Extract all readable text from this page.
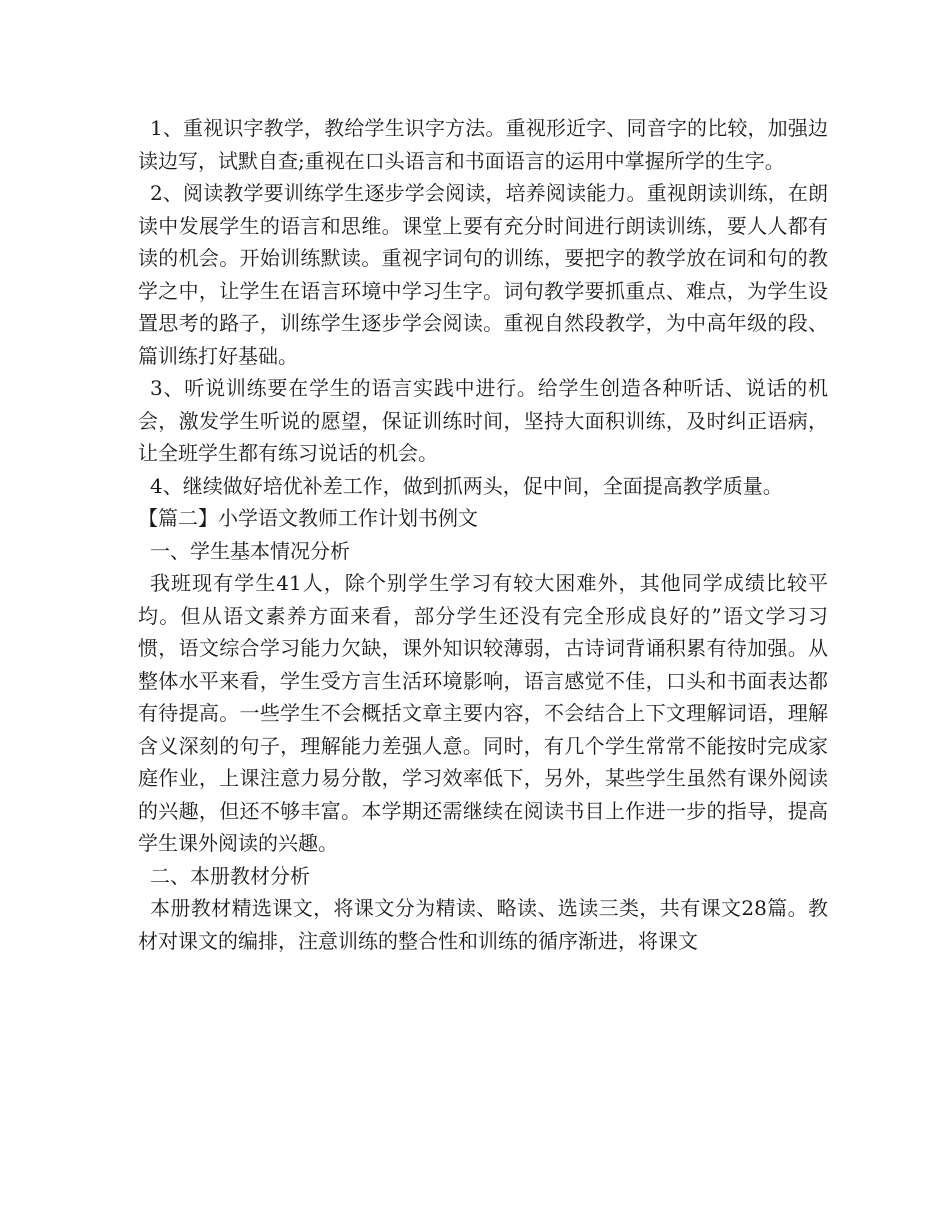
1、重视识字教学，教给学生识字方法。重视形近字、同音字的比较，加强边读边写，试默自查;重视在口头语言和书面语言的运用中掌握所学的生字。

2、阅读教学要训练学生逐步学会阅读，培养阅读能力。重视朗读训练，在朗读中发展学生的语言和思维。课堂上要有充分时间进行朗读训练，要人人都有读的机会。开始训练默读。重视字词句的训练，要把字的教学放在词和句的教学之中，让学生在语言环境中学习生字。词句教学要抓重点、难点，为学生设置思考的路子，训练学生逐步学会阅读。重视自然段教学，为中高年级的段、篇训练打好基础。

3、听说训练要在学生的语言实践中进行。给学生创造各种听话、说话的机会，激发学生听说的愿望，保证训练时间，坚持大面积训练，及时纠正语病，让全班学生都有练习说话的机会。

4、继续做好培优补差工作，做到抓两头，促中间，全面提高教学质量。

【篇二】小学语文教师工作计划书例文

一、学生基本情况分析

我班现有学生41人，除个别学生学习有较大困难外，其他同学成绩比较平均。但从语文素养方面来看，部分学生还没有完全形成良好的”语文学习习惯，语文综合学习能力欠缺，课外知识较薄弱，古诗词背诵积累有待加强。从整体水平来看，学生受方言生活环境影响，语言感觉不佳，口头和书面表达都有待提高。一些学生不会概括文章主要内容，不会结合上下文理解词语，理解含义深刻的句子，理解能力差强人意。同时，有几个学生常常不能按时完成家庭作业，上课注意力易分散，学习效率低下，另外，某些学生虽然有课外阅读的兴趣，但还不够丰富。本学期还需继续在阅读书目上作进一步的指导，提高学生课外阅读的兴趣。

二、本册教材分析

本册教材精选课文，将课文分为精读、略读、选读三类，共有课文28篇。教材对课文的编排，注意训练的整合性和训练的循序渐进，将课文
